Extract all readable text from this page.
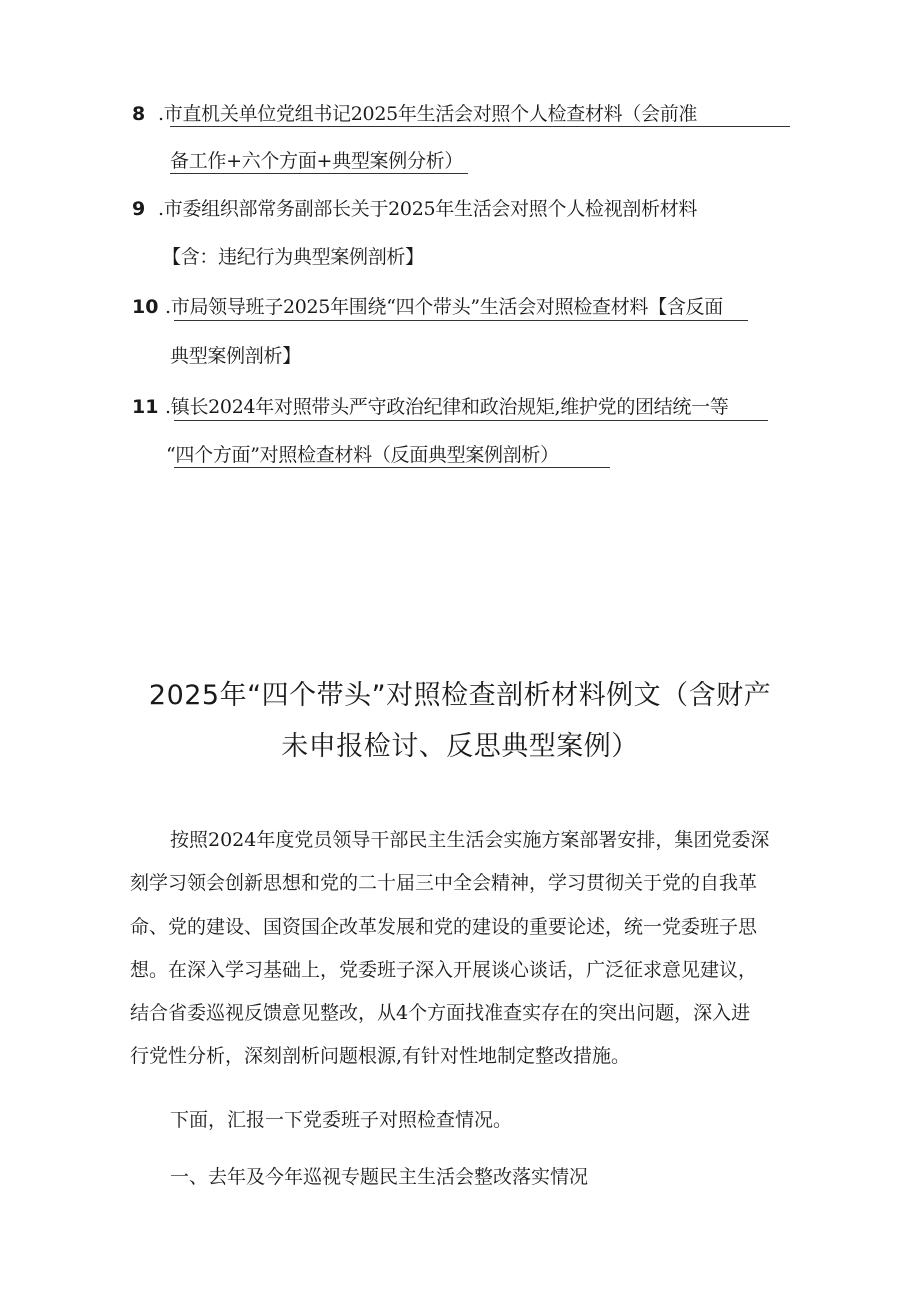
8 .市直机关单位党组书记2025年生活会对照个人检查材料（会前准
备工作+六个方面+典型案例分析）
9 .市委组织部常务副部长关于2025年生活会对照个人检视剖析材料
【含：违纪行为典型案例剖析】
10 .市局领导班子2025年围绕“四个带头”生活会对照检查材料【含反面
典型案例剖析】
11 .镇长2024年对照带头严守政治纪律和政治规矩,维护党的团结统一等
“四个方面”对照检查材料（反面典型案例剖析）
2025年“四个带头”对照检查剖析材料例文（含财产
未申报检讨、反思典型案例）
按照2024年度党员领导干部民主生活会实施方案部署安排，集团党委深
刻学习领会创新思想和党的二十届三中全会精神，学习贯彻关于党的自我革
命、党的建设、国资国企改革发展和党的建设的重要论述，统一党委班子思
想。在深入学习基础上，党委班子深入开展谈心谈话，广泛征求意见建议，
结合省委巡视反馈意见整改，从4个方面找准查实存在的突出问题，深入进
行党性分析，深刻剖析问题根源,有针对性地制定整改措施。
下面，汇报一下党委班子对照检查情况。
一、去年及今年巡视专题民主生活会整改落实情况
